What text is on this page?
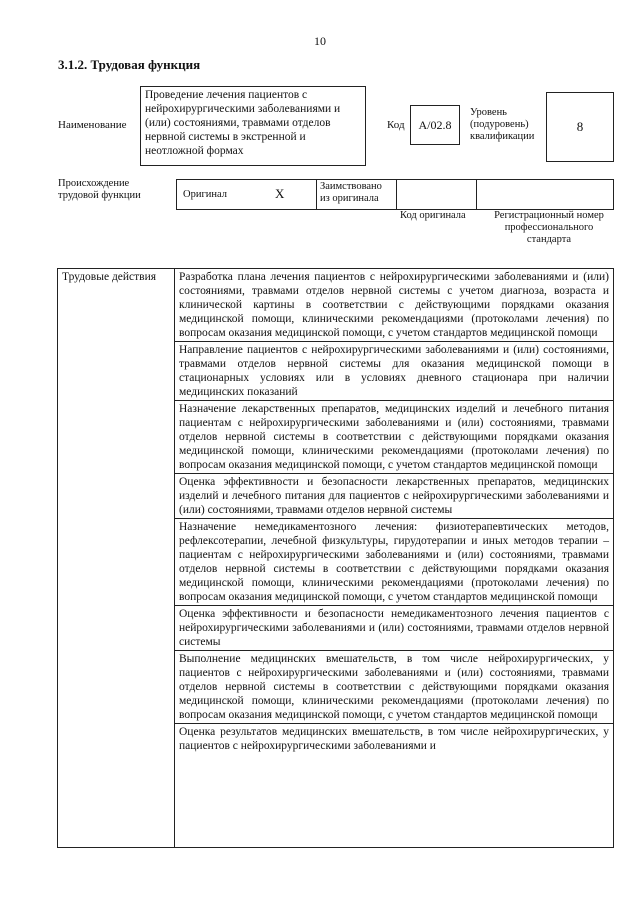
10
3.1.2. Трудовая функция
Наименование
Проведение лечения пациентов с нейрохирургическими заболеваниями и (или) состояниями, травмами отделов нервной системы в экстренной и неотложной формах
Код	А/02.8
Уровень (подуровень) квалификации
8
Происхождение трудовой функции	Оригинал	X	Заимствовано из оригинала
Код оригинала	Регистрационный номер профессионального стандарта
Трудовые действия	Разработка плана лечения пациентов с нейрохирургическими заболеваниями и (или) состояниями, травмами отделов нервной системы с учетом диагноза, возраста и клинической картины в соответствии с действующими порядками оказания медицинской помощи, клиническими рекомендациями (протоколами лечения) по вопросам оказания медицинской помощи, с учетом стандартов медицинской помощи
Направление пациентов с нейрохирургическими заболеваниями и (или) состояниями, травмами отделов нервной системы для оказания медицинской помощи в стационарных условиях или в условиях дневного стационара при наличии медицинских показаний
Назначение лекарственных препаратов, медицинских изделий и лечебного питания пациентам с нейрохирургическими заболеваниями и (или) состояниями, травмами отделов нервной системы в соответствии с действующими порядками оказания медицинской помощи, клиническими рекомендациями (протоколами лечения) по вопросам оказания медицинской помощи, с учетом стандартов медицинской помощи
Оценка эффективности и безопасности лекарственных препаратов, медицинских изделий и лечебного питания для пациентов с нейрохирургическими заболеваниями и (или) состояниями, травмами отделов нервной системы
Назначение немедикаментозного лечения: физиотерапевтических методов, рефлексотерапии, лечебной физкультуры, гирудотерапии и иных методов терапии – пациентам с нейрохирургическими заболеваниями и (или) состояниями, травмами отделов нервной системы в соответствии с действующими порядками оказания медицинской помощи, клиническими рекомендациями (протоколами лечения) по вопросам оказания медицинской помощи, с учетом стандартов медицинской помощи
Оценка эффективности и безопасности немедикаментозного лечения пациентов с нейрохирургическими заболеваниями и (или) состояниями, травмами отделов нервной системы
Выполнение медицинских вмешательств, в том числе нейрохирургических, у пациентов с нейрохирургическими заболеваниями и (или) состояниями, травмами отделов нервной системы в соответствии с действующими порядками оказания медицинской помощи, клиническими рекомендациями (протоколами лечения) по вопросам оказания медицинской помощи, с учетом стандартов медицинской помощи
Оценка результатов медицинских вмешательств, в том числе нейрохирургических, у пациентов с нейрохирургическими заболеваниями и
